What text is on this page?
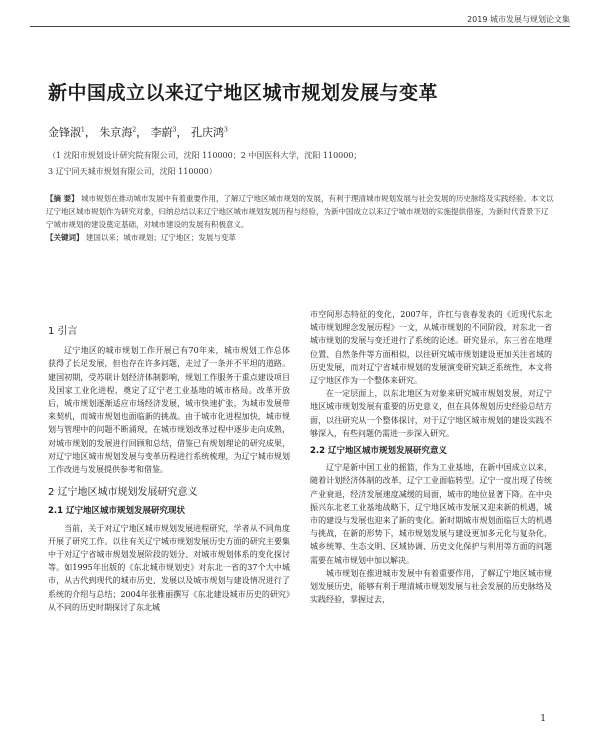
2019 城市发展与规划论文集
新中国成立以来辽宁地区城市规划发展与变革
金锋淑$^1$， 朱京海$^2$， 李蔚$^3$， 孔庆鸿$^3$
（1 沈阳市规划设计研究院有限公司，沈阳 110000；2 中国医科大学，沈阳 110000；
3 辽宁同天城市规划有限公司，沈阳 110000）

【摘 要】 城市规划在推动城市发展中有着重要作用，了解辽宁地区城市规划的发展，有利于理清城市规划发展与社会发展的历史脉络及实践经验。本文以辽宁地区城市规划作为研究对象，归纳总结以来辽宁地区城市规划发展历程与经验，为新中国成立以来辽宁城市规划的实施提供借鉴，为新时代背景下辽宁城市规划的建设奠定基础，对城市建设的发展有积极意义。

【关键词】 建国以来；城市规划；辽宁地区；发展与变革

1 引言

辽宁地区的城市规划工作开展已有70年来，城市规划工作总体获得了长足发展，但也存在许多问题，走过了一条并不平坦的道路。建国初期，受苏联计划经济体制影响，规划工作服务于重点建设项目及国家工业化进程，奠定了辽宁老工业基地的城市格局。改革开放后，城市规划逐渐适应市场经济发展，城市快速扩张，为城市发展带来契机，而城市规划也面临新的挑战。由于城市化进程加快，城市规划与管理中的问题不断涌现，在城市规划改革过程中逐步走向成熟，对城市规划的发展进行回顾和总结，借鉴已有规划理论的研究成果，对辽宁地区城市规划发展与变革历程进行系统梳理，为辽宁城市规划工作改进与发展提供参考和借鉴。

2 辽宁地区城市规划发展研究意义
2.1 辽宁地区城市规划发展研究现状

当前，关于对辽宁地区城市规划发展进程研究，学者从不同角度开展了研究工作。以往有关辽宁城市规划发展历史方面的研究主要集中于对辽宁省城市规划发展阶段的划分、对城市规划体系的变化探讨等。如1995年出版的《东北城市规划史》对东北一省的37个大中城市，从古代到现代的城市历史、发展以及城市规划与建设情况进行了系统的介绍与总结；2004年张雅丽撰写《东北建设城市历史的研究》从不同的历史时期探讨了东北城

市空间形态特征的变化，2007年，许红与袁春发表的《近现代东北城市规划理念发展历程》一文，从城市规划的不同阶段，对东北一省城市规划的发展与变迁进行了系统的论述。研究显示，东三省在地理位置、自然条件等方面相似，以往研究城市规划建设更加关注省域的历史发展，而对辽宁省城市规划的发展演变研究缺乏系统性，本文将辽宁地区作为一个整体来研究。

在一定层面上，以东北地区为对象来研究城市规划发展，对辽宁地区城市规划发展有重要的历史意义，但在具体规划历史经验总结方面，以往研究从一个整体探讨，对于辽宁地区城市规划的建设实践不够深入，有些问题仍需进一步深入研究。

2.2 辽宁地区城市规划发展研究意义

辽宁是新中国工业的摇篮，作为工业基地，在新中国成立以来，随着计划经济体制的改革，辽宁工业面临转型。辽宁一度出现了传统产业衰退，经济发展速度减缓的局面，城市的地位显著下降。在中央振兴东北老工业基地战略下，辽宁地区城市发展又迎来新的机遇，城市的建设与发展也迎来了新的变化。新时期城市规划面临巨大的机遇与挑战，在新的形势下，城市规划发展与建设更加多元化与复杂化，城乡统筹、生态文明、区域协调、历史文化保护与利用等方面的问题需要在城市规划中加以解决。

城市规划在推进城市发展中有着重要作用，了解辽宁地区城市规划发展历史，能够有利于理清城市规划发展与社会发展的历史脉络及实践经验，掌握过去，

1
